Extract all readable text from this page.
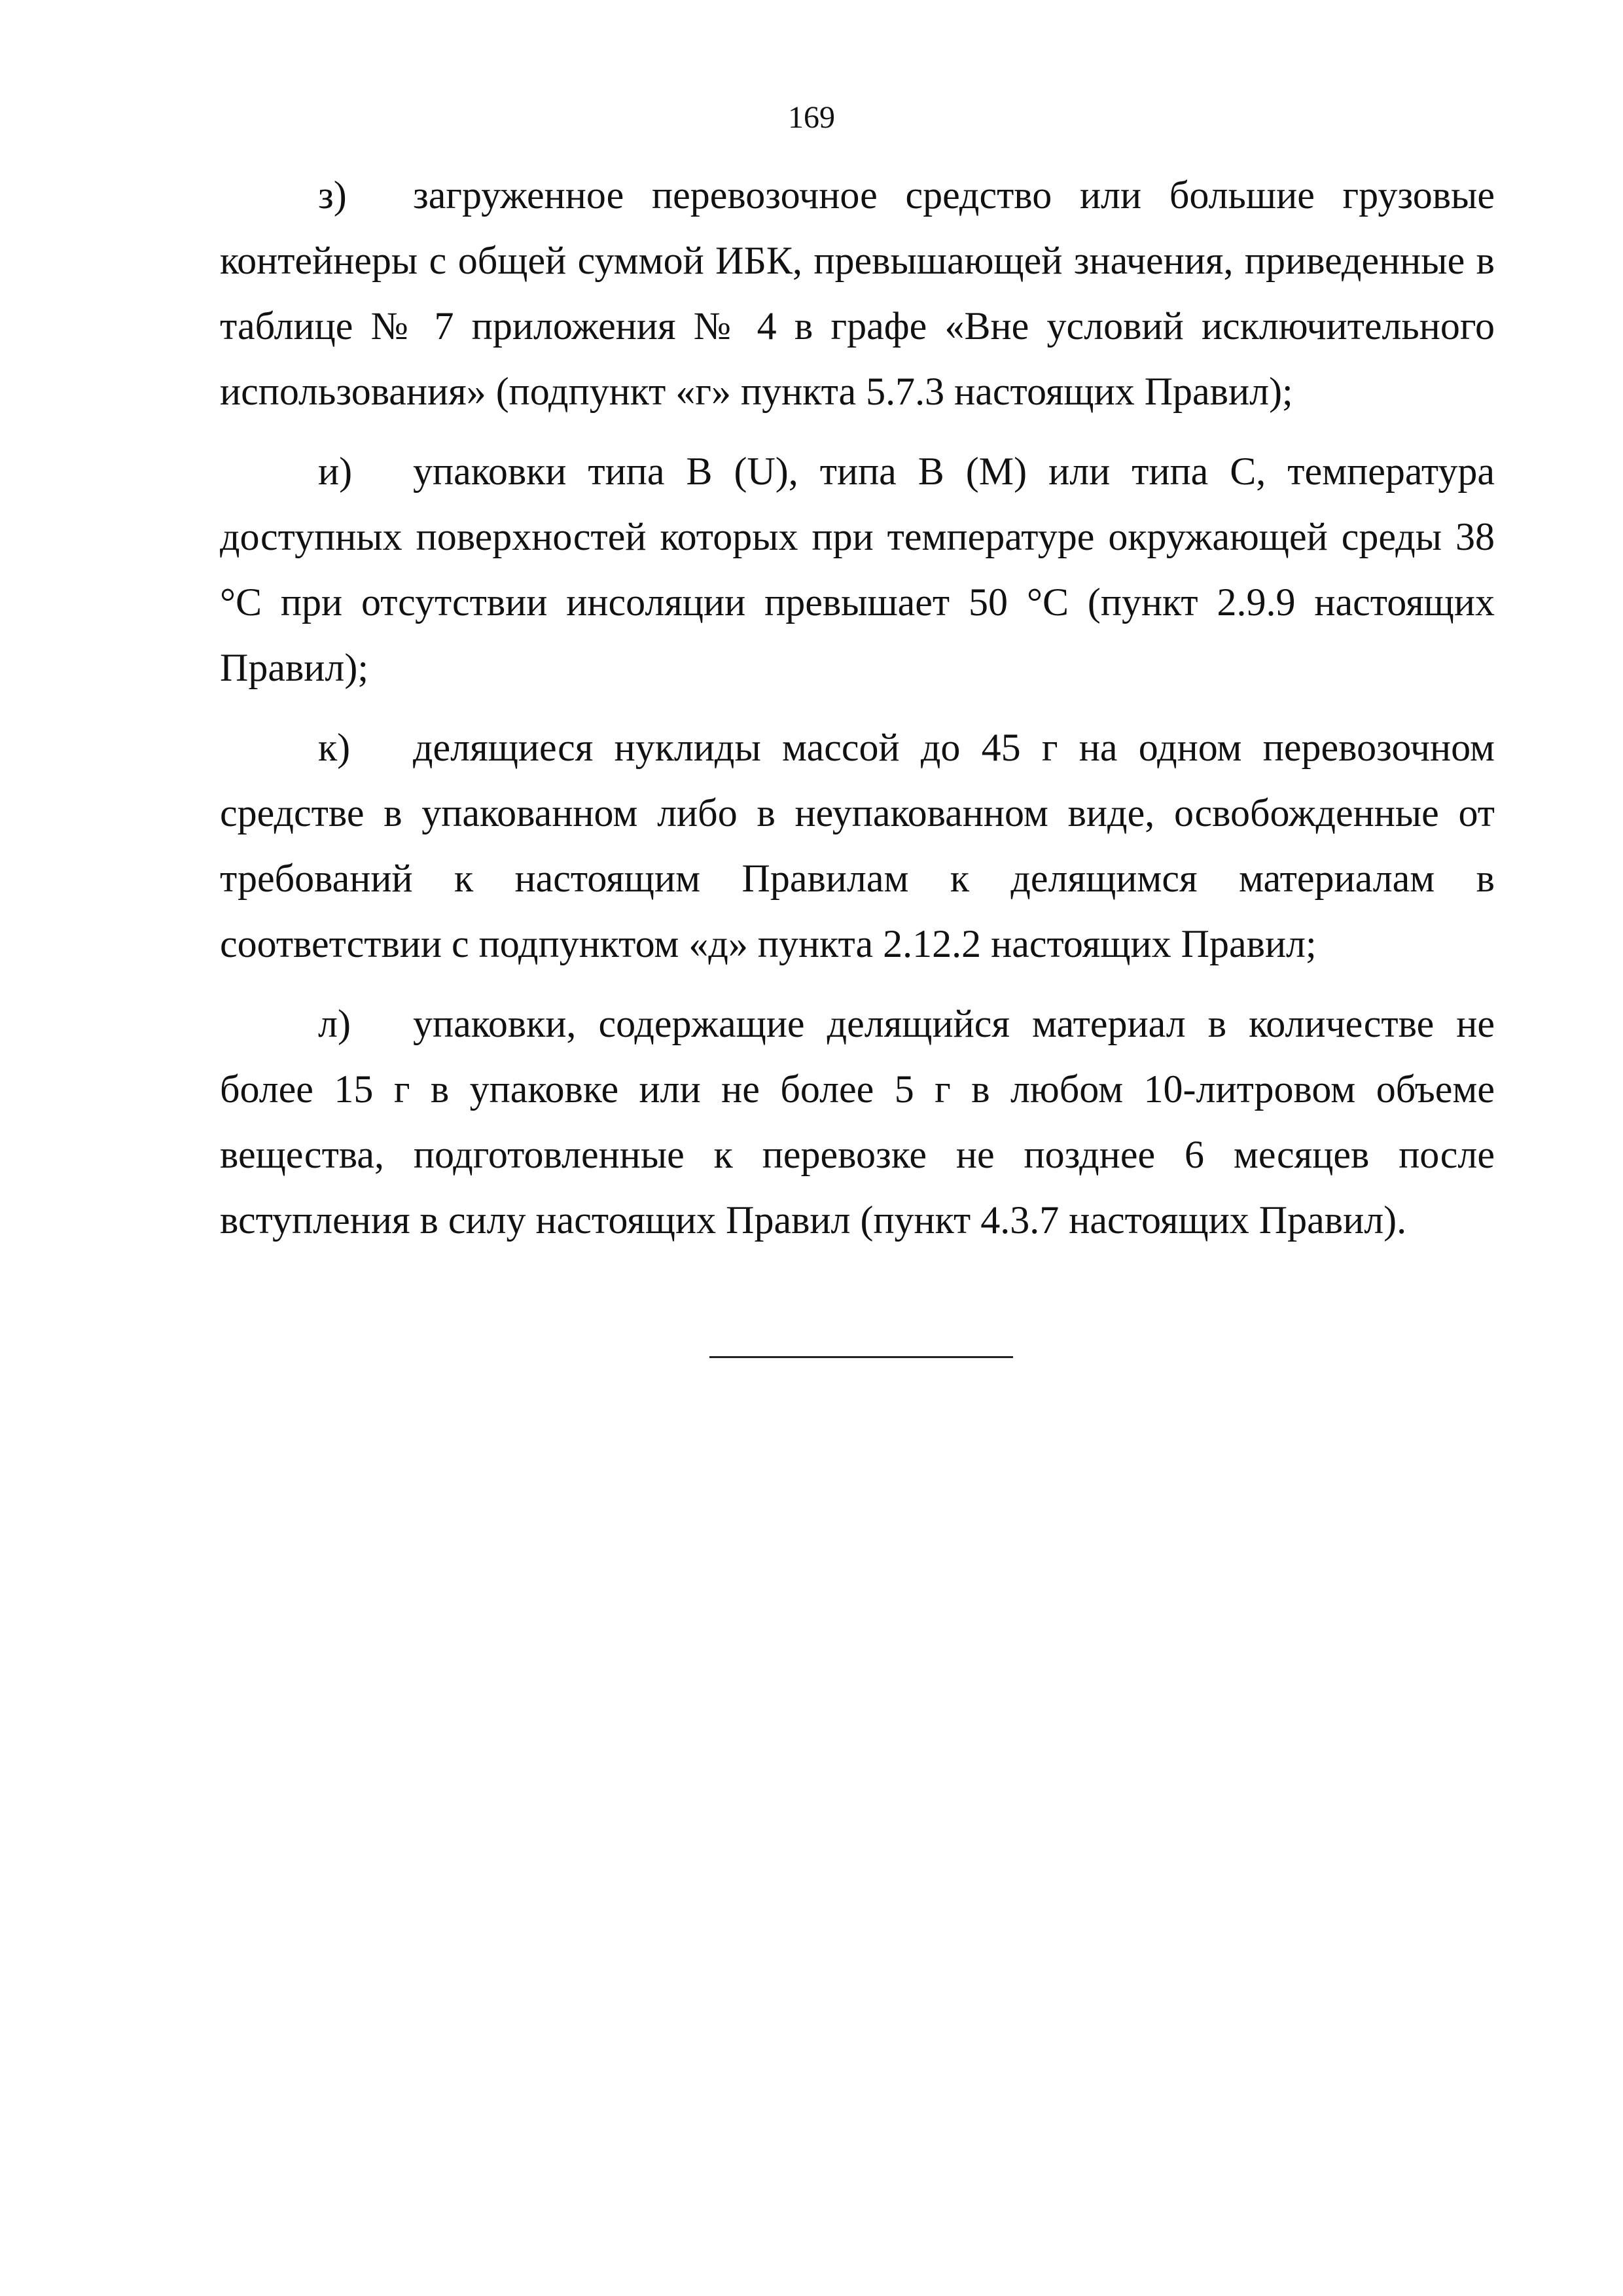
169

з) загруженное перевозочное средство или большие грузовые контейнеры с общей суммой ИБК, превышающей значения, приведенные в таблице № 7 приложения № 4 в графе «Вне условий исключительного использования» (подпункт «г» пункта 5.7.3 настоящих Правил);

и) упаковки типа В (U), типа В (М) или типа С, температура доступных поверхностей которых при температуре окружающей среды 38 °С при отсутствии инсоляции превышает 50 °С (пункт 2.9.9 настоящих Правил);

к) делящиеся нуклиды массой до 45 г на одном перевозочном средстве в упакованном либо в неупакованном виде, освобожденные от требований к настоящим Правилам к делящимся материалам в соответствии с подпунктом «д» пункта 2.12.2 настоящих Правил;

л) упаковки, содержащие делящийся материал в количестве не более 15 г в упаковке или не более 5 г в любом 10-литровом объеме вещества, подготовленные к перевозке не позднее 6 месяцев после вступления в силу настоящих Правил (пункт 4.3.7 настоящих Правил).
